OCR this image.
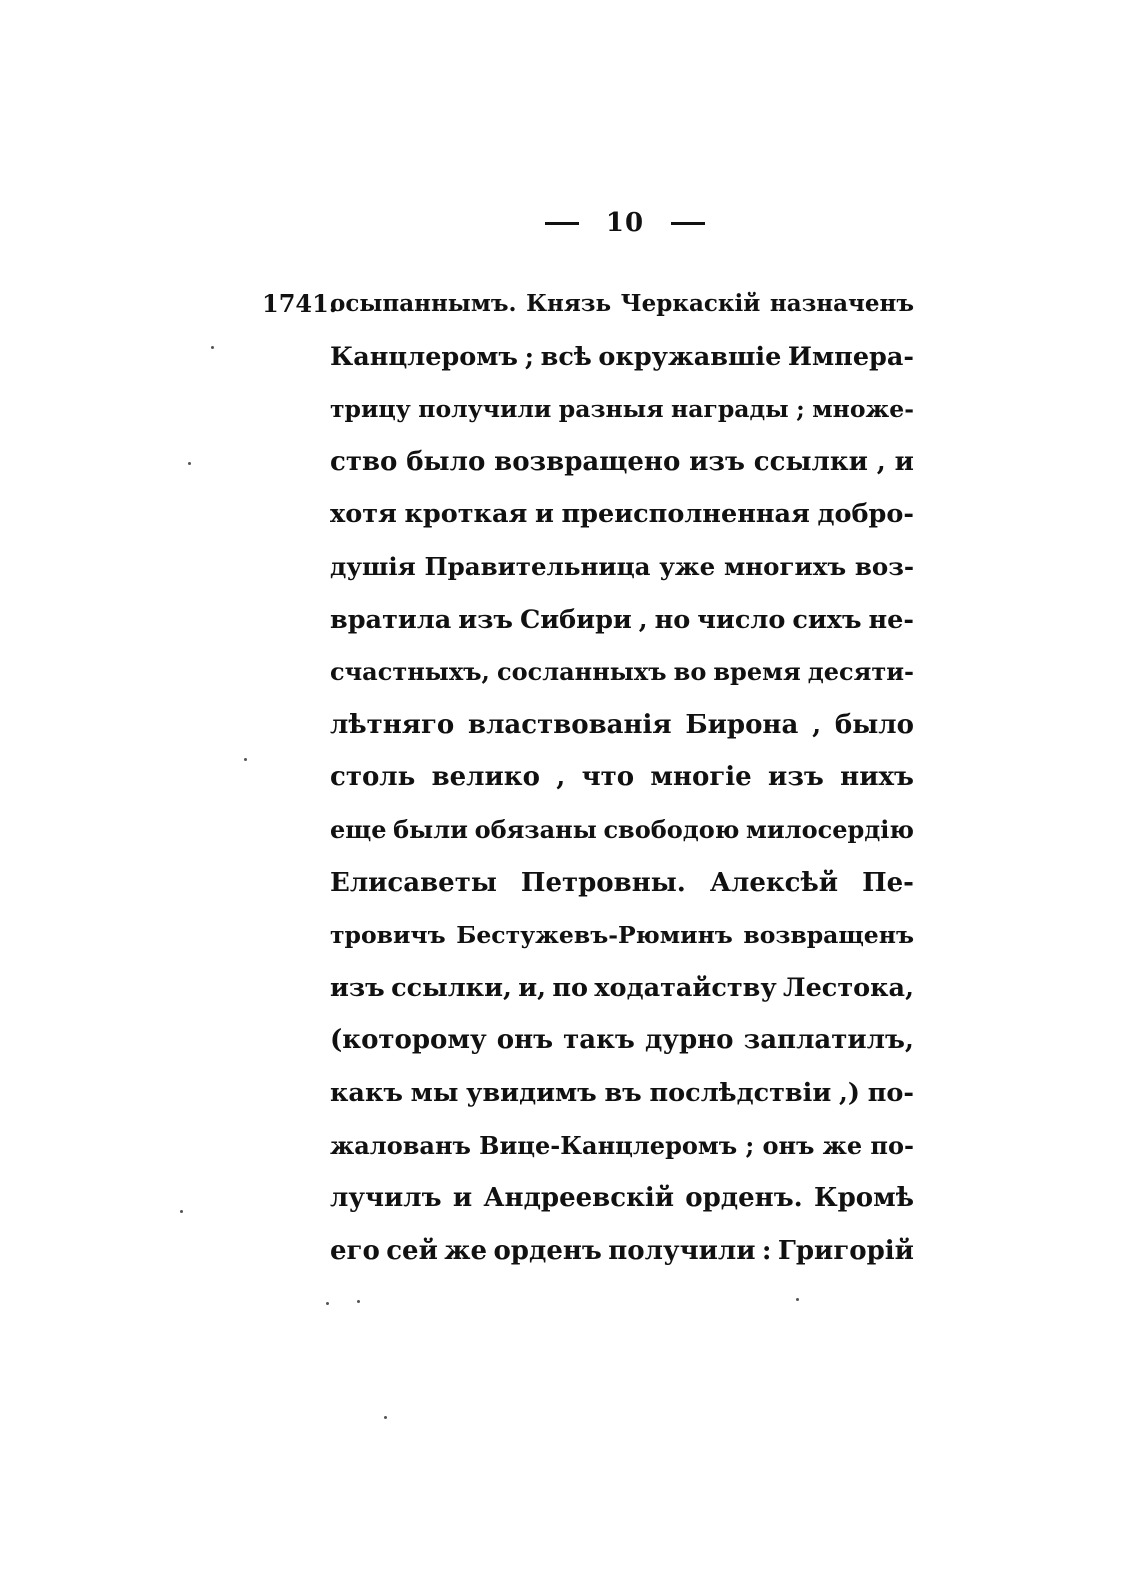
10
1741.
осыпаннымъ. Князь Черкаскій назначенъ
Канцлеромъ ; всѣ окружавшіе Импера-
трицу получили разныя награды ; множе-
ство было возвращено изъ ссылки , и
хотя кроткая и преисполненная добро-
душія Правительница уже многихъ воз-
вратила изъ Сибири , но число сихъ не-
счастныхъ, сосланныхъ во время десяти-
лѣтняго властвованія Бирона , было
столь велико , что многіе изъ нихъ
еще были обязаны свободою милосердію
Елисаветы Петровны. Алексѣй Пе-
тровичъ Бестужевъ-Рюминъ возвращенъ
изъ ссылки, и, по ходатайству Лестока,
(которому онъ такъ дурно заплатилъ,
какъ мы увидимъ въ послѣдствіи ,) по-
жалованъ Вице-Канцлеромъ ; онъ же по-
лучилъ и Андреевскій орденъ. Кромѣ
его сей же орденъ получили : Григорій
